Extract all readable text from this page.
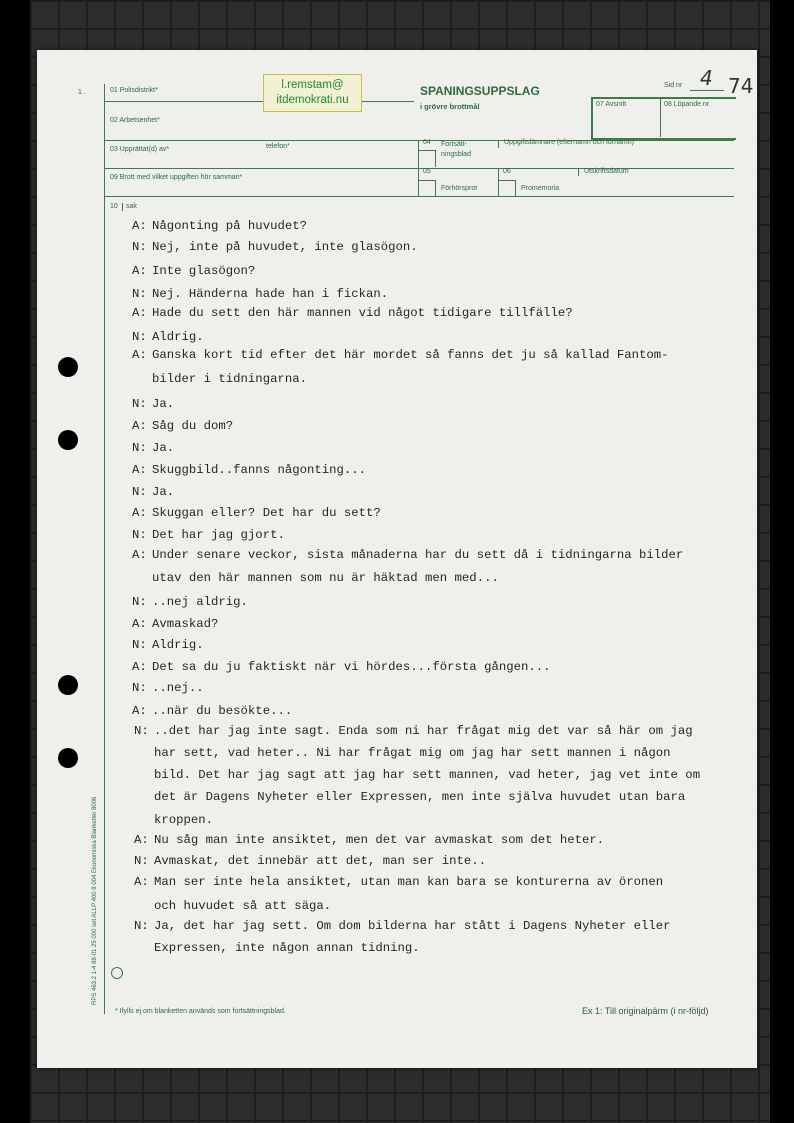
1 .	01 Polisdistrikt*
02 Arbetsenhet*
03 Upprättat(d) av*	telefon*
09 Brott med vilket uppgiften hör samman*
10 sak
l.remstam@
itdemokrati.nu
SPANINGSUPPSLAG
i grövre brottmål
Sid nr 4 74
07 Avsnitt	08 Löpande nr
04 Fortsätt-
ningsblad
Uppgiftslämnare (efternamn och förnamn)
05
Förhörsprot
06
Promemoria
Utskriftsdatum
A: Någonting på huvudet?
N: Nej, inte på huvudet, inte glasögon.
A: Inte glasögon?
N: Nej. Händerna hade han i fickan.
A: Hade du sett den här mannen vid något tidigare tillfälle?
N: Aldrig.
A: Ganska kort tid efter det här mordet så fanns det ju så kallad Fantom-
bilder i tidningarna.
N: Ja.
A: Såg du dom?
N: Ja.
A: Skuggbild..fanns någonting...
N: Ja.
A: Skuggan eller? Det har du sett?
N: Det har jag gjort.
A: Under senare veckor, sista månaderna har du sett då i tidningarna bilder
utav den här mannen som nu är häktad men med...
N: ..nej aldrig.
A: Avmaskad?
N: Aldrig.
A: Det sa du ju faktiskt när vi hördes...första gången...
N: ..nej..
A: ..när du besökte...
N: ..det har jag inte sagt. Enda som ni har frågat mig det var så här om jag
har sett, vad heter.. Ni har frågat mig om jag har sett mannen i någon
bild. Det har jag sagt att jag har sett mannen, vad heter, jag vet inte om
det är Dagens Nyheter eller Expressen, men inte själva huvudet utan bara
kroppen.
A: Nu såg man inte ansiktet, men det var avmaskat som det heter.
N: Avmaskat, det innebär att det, man ser inte..
A: Man ser inte hela ansiktet, utan man kan bara se konturerna av öronen
och huvudet så att säga.
N: Ja, det har jag sett. Om dom bilderna har stått i Dagens Nyheter eller
Expressen, inte någon annan tidning.
* Ifylls ej om blanketten används som fortsättningsblad.	Ex 1: Till originalpärm (i nr-följd)
RPS 463.2 1-4 88-01 25 000 set ALLP 400 8 004 Ekonomiska Blanketter 8006
